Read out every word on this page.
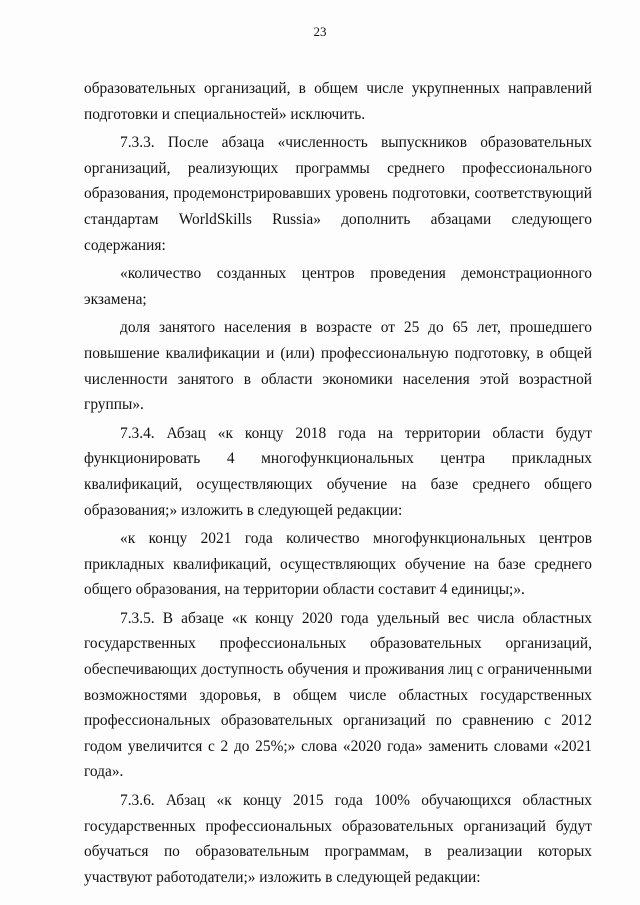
23

образовательных организаций, в общем числе укрупненных направлений подготовки и специальностей» исключить.

7.3.3. После абзаца «численность выпускников образовательных организаций, реализующих программы среднего профессионального образования, продемонстрировавших уровень подготовки, соответствующий стандартам WorldSkills Russia» дополнить абзацами следующего содержания:

«количество созданных центров проведения демонстрационного экзамена;

доля занятого населения в возрасте от 25 до 65 лет, прошедшего повышение квалификации и (или) профессиональную подготовку, в общей численности занятого в области экономики населения этой возрастной группы».

7.3.4. Абзац «к концу 2018 года на территории области будут функционировать 4 многофункциональных центра прикладных квалификаций, осуществляющих обучение на базе среднего общего образования;» изложить в следующей редакции:

«к концу 2021 года количество многофункциональных центров прикладных квалификаций, осуществляющих обучение на базе среднего общего образования, на территории области составит 4 единицы;».

7.3.5. В абзаце «к концу 2020 года удельный вес числа областных государственных профессиональных образовательных организаций, обеспечивающих доступность обучения и проживания лиц с ограниченными возможностями здоровья, в общем числе областных государственных профессиональных образовательных организаций по сравнению с 2012 годом увеличится с 2 до 25%;» слова «2020 года» заменить словами «2021 года».

7.3.6. Абзац «к концу 2015 года 100% обучающихся областных государственных профессиональных образовательных организаций будут обучаться по образовательным программам, в реализации которых участвуют работодатели;» изложить в следующей редакции:
